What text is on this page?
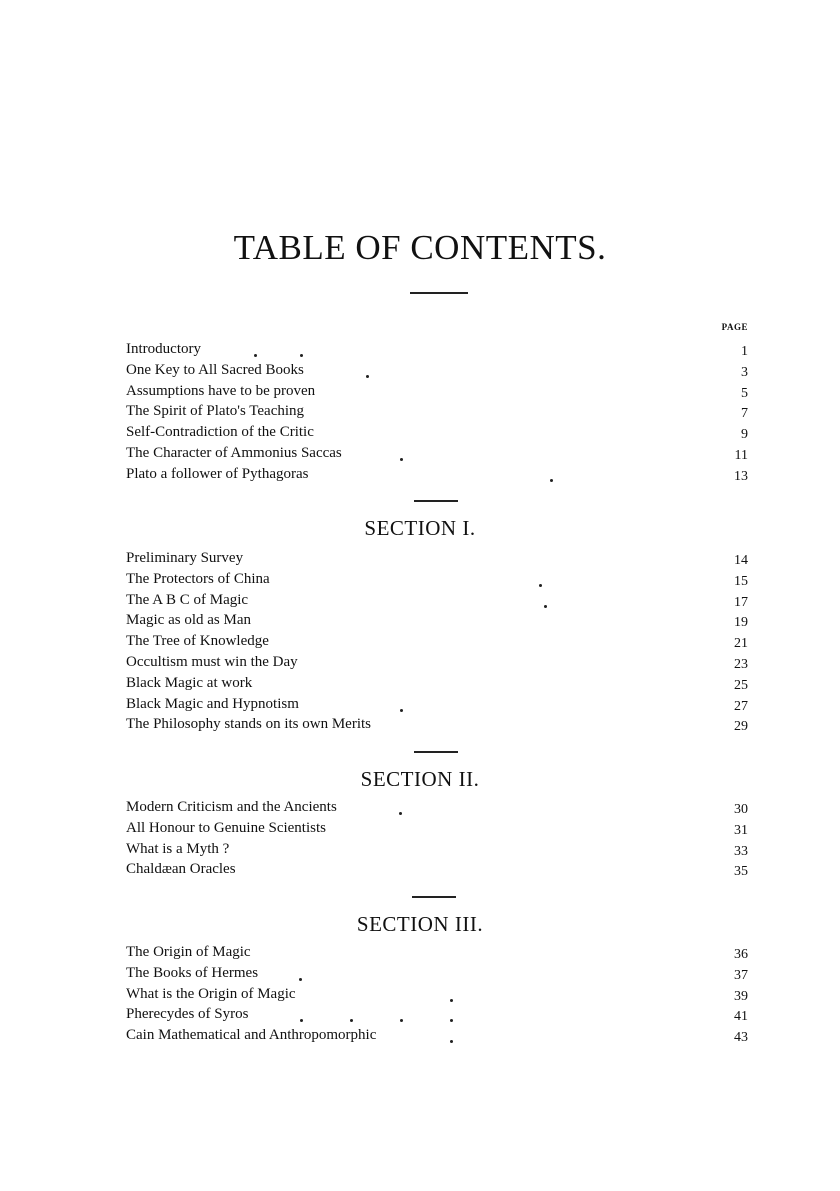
TABLE OF CONTENTS.
PAGE
Introductory	1
One Key to All Sacred Books	3
Assumptions have to be proven	5
The Spirit of Plato's Teaching	7
Self-Contradiction of the Critic	9
The Character of Ammonius Saccas	11
Plato a follower of Pythagoras	13
SECTION I.
Preliminary Survey	14
The Protectors of China	15
The A B C of Magic	17
Magic as old as Man	19
The Tree of Knowledge	21
Occultism must win the Day	23
Black Magic at work	25
Black Magic and Hypnotism	27
The Philosophy stands on its own Merits	29
SECTION II.
Modern Criticism and the Ancients	30
All Honour to Genuine Scientists	31
What is a Myth ?	33
Chaldæan Oracles	35
SECTION III.
The Origin of Magic	36
The Books of Hermes	37
What is the Origin of Magic	39
Pherecydes of Syros	41
Cain Mathematical and Anthropomorphic	43
